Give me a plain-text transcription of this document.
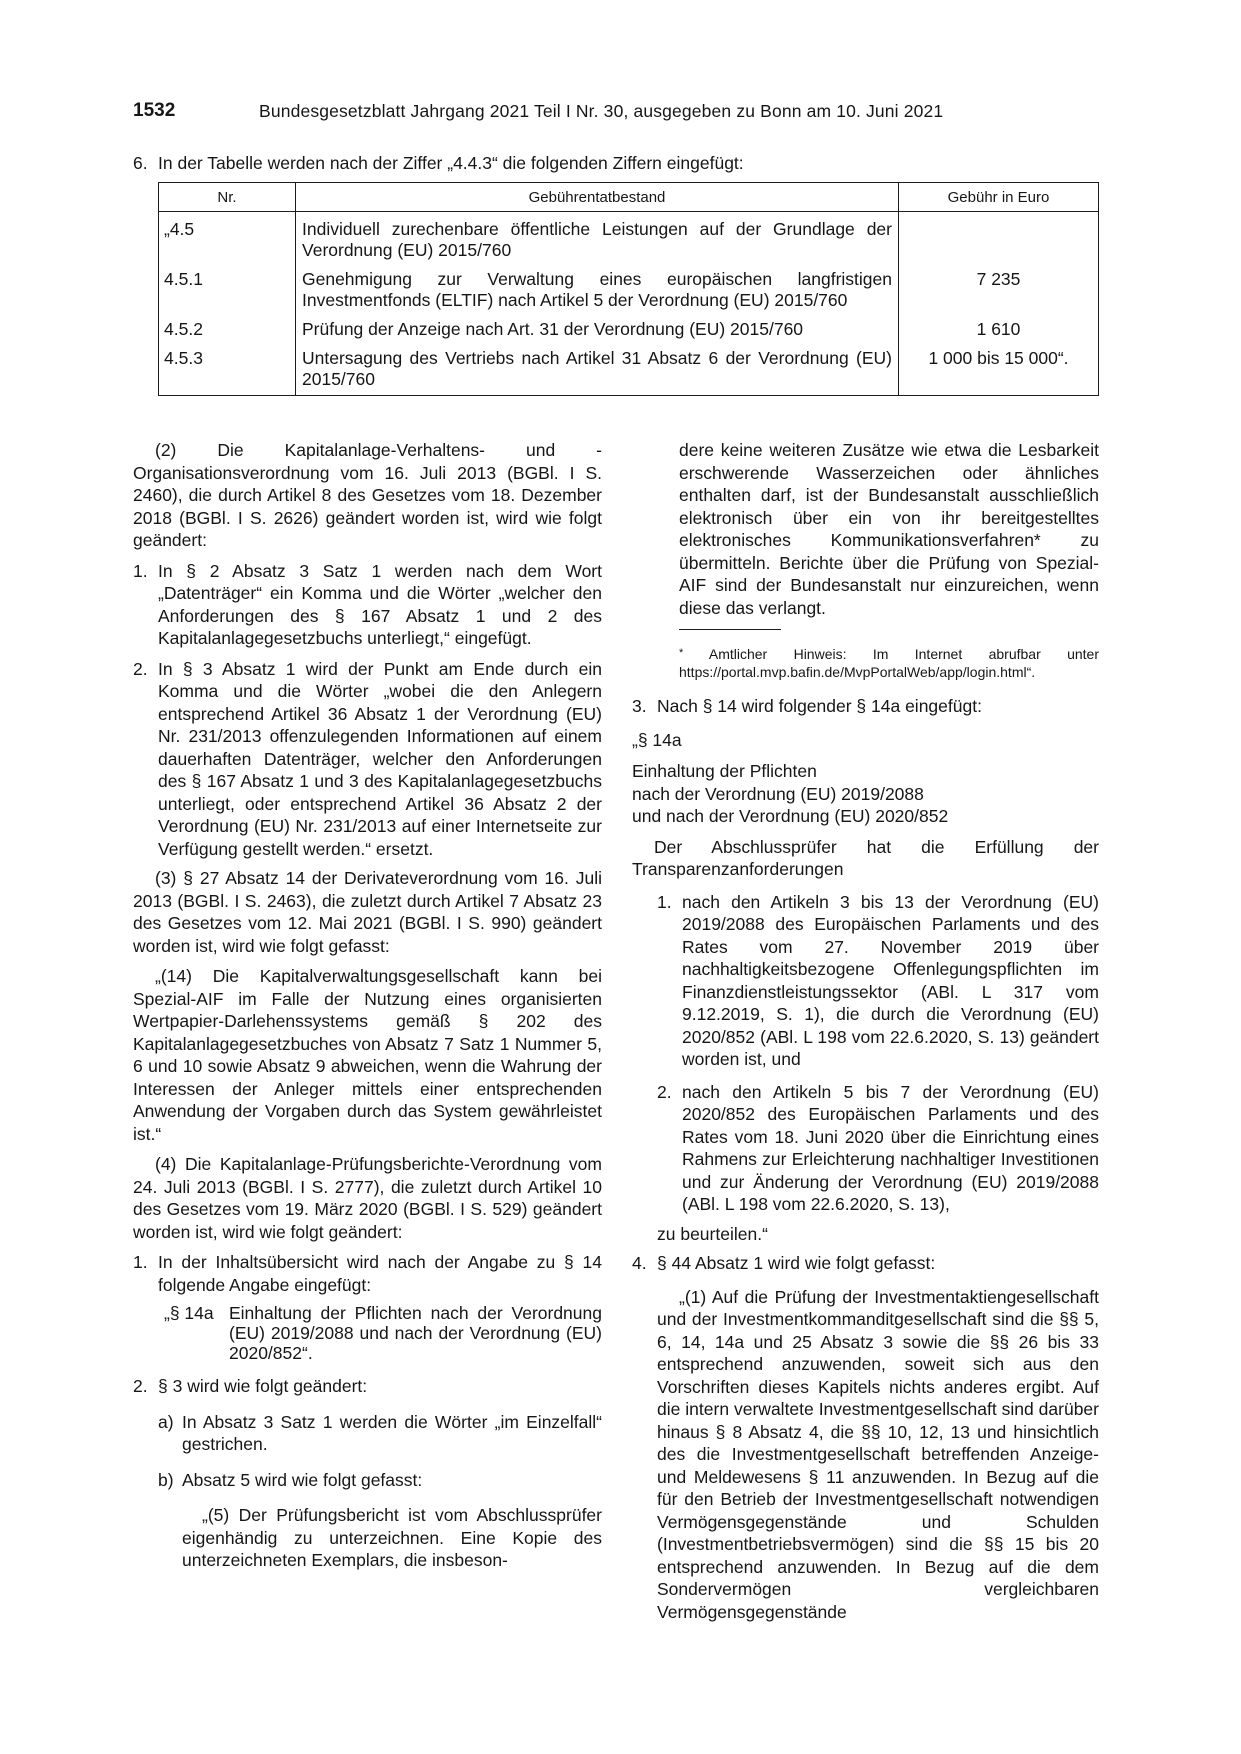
1532	Bundesgesetzblatt Jahrgang 2021 Teil I Nr. 30, ausgegeben zu Bonn am 10. Juni 2021
6. In der Tabelle werden nach der Ziffer „4.4.3“ die folgenden Ziffern eingefügt:
Nr.	Gebührentatbestand	Gebühr in Euro
„4.5	Individuell zurechenbare öffentliche Leistungen auf der Grundlage der Verordnung (EU) 2015/760	
4.5.1	Genehmigung zur Verwaltung eines europäischen langfristigen Investmentfonds (ELTIF) nach Artikel 5 der Verordnung (EU) 2015/760	7 235
4.5.2	Prüfung der Anzeige nach Art. 31 der Verordnung (EU) 2015/760	1 610
4.5.3	Untersagung des Vertriebs nach Artikel 31 Absatz 6 der Verordnung (EU) 2015/760	1 000 bis 15 000“.

(2) Die Kapitalanlage-Verhaltens- und -Organisationsverordnung vom 16. Juli 2013 (BGBl. I S. 2460), die durch Artikel 8 des Gesetzes vom 18. Dezember 2018 (BGBl. I S. 2626) geändert worden ist, wird wie folgt geändert:

1. In § 2 Absatz 3 Satz 1 werden nach dem Wort „Datenträger“ ein Komma und die Wörter „welcher den Anforderungen des § 167 Absatz 1 und 2 des Kapitalanlagegesetzbuchs unterliegt,“ eingefügt.
2. In § 3 Absatz 1 wird der Punkt am Ende durch ein Komma und die Wörter „wobei die den Anlegern entsprechend Artikel 36 Absatz 1 der Verordnung (EU) Nr. 231/2013 offenzulegenden Informationen auf einem dauerhaften Datenträger, welcher den Anforderungen des § 167 Absatz 1 und 3 des Kapitalanlagegesetzbuchs unterliegt, oder entsprechend Artikel 36 Absatz 2 der Verordnung (EU) Nr. 231/2013 auf einer Internetseite zur Verfügung gestellt werden.“ ersetzt.

(3) § 27 Absatz 14 der Derivateverordnung vom 16. Juli 2013 (BGBl. I S. 2463), die zuletzt durch Artikel 7 Absatz 23 des Gesetzes vom 12. Mai 2021 (BGBl. I S. 990) geändert worden ist, wird wie folgt gefasst:

„(14) Die Kapitalverwaltungsgesellschaft kann bei Spezial-AIF im Falle der Nutzung eines organisierten Wertpapier-Darlehenssystems gemäß § 202 des Kapitalanlagegesetzbuches von Absatz 7 Satz 1 Nummer 5, 6 und 10 sowie Absatz 9 abweichen, wenn die Wahrung der Interessen der Anleger mittels einer entsprechenden Anwendung der Vorgaben durch das System gewährleistet ist.“

(4) Die Kapitalanlage-Prüfungsberichte-Verordnung vom 24. Juli 2013 (BGBl. I S. 2777), die zuletzt durch Artikel 10 des Gesetzes vom 19. März 2020 (BGBl. I S. 529) geändert worden ist, wird wie folgt geändert:

1. In der Inhaltsübersicht wird nach der Angabe zu § 14 folgende Angabe eingefügt:
„§ 14a Einhaltung der Pflichten nach der Verordnung (EU) 2019/2088 und nach der Verordnung (EU) 2020/852“.
2. § 3 wird wie folgt geändert:
a) In Absatz 3 Satz 1 werden die Wörter „im Einzelfall“ gestrichen.
b) Absatz 5 wird wie folgt gefasst:

„(5) Der Prüfungsbericht ist vom Abschlussprüfer eigenhändig zu unterzeichnen. Eine Kopie des unterzeichneten Exemplars, die insbeson-

dere keine weiteren Zusätze wie etwa die Lesbarkeit erschwerende Wasserzeichen oder ähnliches enthalten darf, ist der Bundesanstalt ausschließlich elektronisch über ein von ihr bereitgestelltes elektronisches Kommunikationsverfahren* zu übermitteln. Berichte über die Prüfung von Spezial-AIF sind der Bundesanstalt nur einzureichen, wenn diese das verlangt.

* Amtlicher Hinweis: Im Internet abrufbar unter https://portal.mvp.bafin.de/MvpPortalWeb/app/login.html“.

3. Nach § 14 wird folgender § 14a eingefügt:

„§ 14a

Einhaltung der Pflichten

nach der Verordnung (EU) 2019/2088

und nach der Verordnung (EU) 2020/852

Der Abschlussprüfer hat die Erfüllung der Transparenzanforderungen

1. nach den Artikeln 3 bis 13 der Verordnung (EU) 2019/2088 des Europäischen Parlaments und des Rates vom 27. November 2019 über nachhaltigkeitsbezogene Offenlegungspflichten im Finanzdienstleistungssektor (ABl. L 317 vom 9.12.2019, S. 1), die durch die Verordnung (EU) 2020/852 (ABl. L 198 vom 22.6.2020, S. 13) geändert worden ist, und
2. nach den Artikeln 5 bis 7 der Verordnung (EU) 2020/852 des Europäischen Parlaments und des Rates vom 18. Juni 2020 über die Einrichtung eines Rahmens zur Erleichterung nachhaltiger Investitionen und zur Änderung der Verordnung (EU) 2019/2088 (ABl. L 198 vom 22.6.2020, S. 13),

zu beurteilen.“

4. § 44 Absatz 1 wird wie folgt gefasst:

„(1) Auf die Prüfung der Investmentaktiengesellschaft und der Investmentkommanditgesellschaft sind die §§ 5, 6, 14, 14a und 25 Absatz 3 sowie die §§ 26 bis 33 entsprechend anzuwenden, soweit sich aus den Vorschriften dieses Kapitels nichts anderes ergibt. Auf die intern verwaltete Investmentgesellschaft sind darüber hinaus § 8 Absatz 4, die §§ 10, 12, 13 und hinsichtlich des die Investmentgesellschaft betreffenden Anzeige- und Meldewesens § 11 anzuwenden. In Bezug auf die für den Betrieb der Investmentgesellschaft notwendigen Vermögensgegenstände und Schulden (Investmentbetriebsvermögen) sind die §§ 15 bis 20 entsprechend anzuwenden. In Bezug auf die dem Sondervermögen vergleichbaren Vermögensgegenstände
